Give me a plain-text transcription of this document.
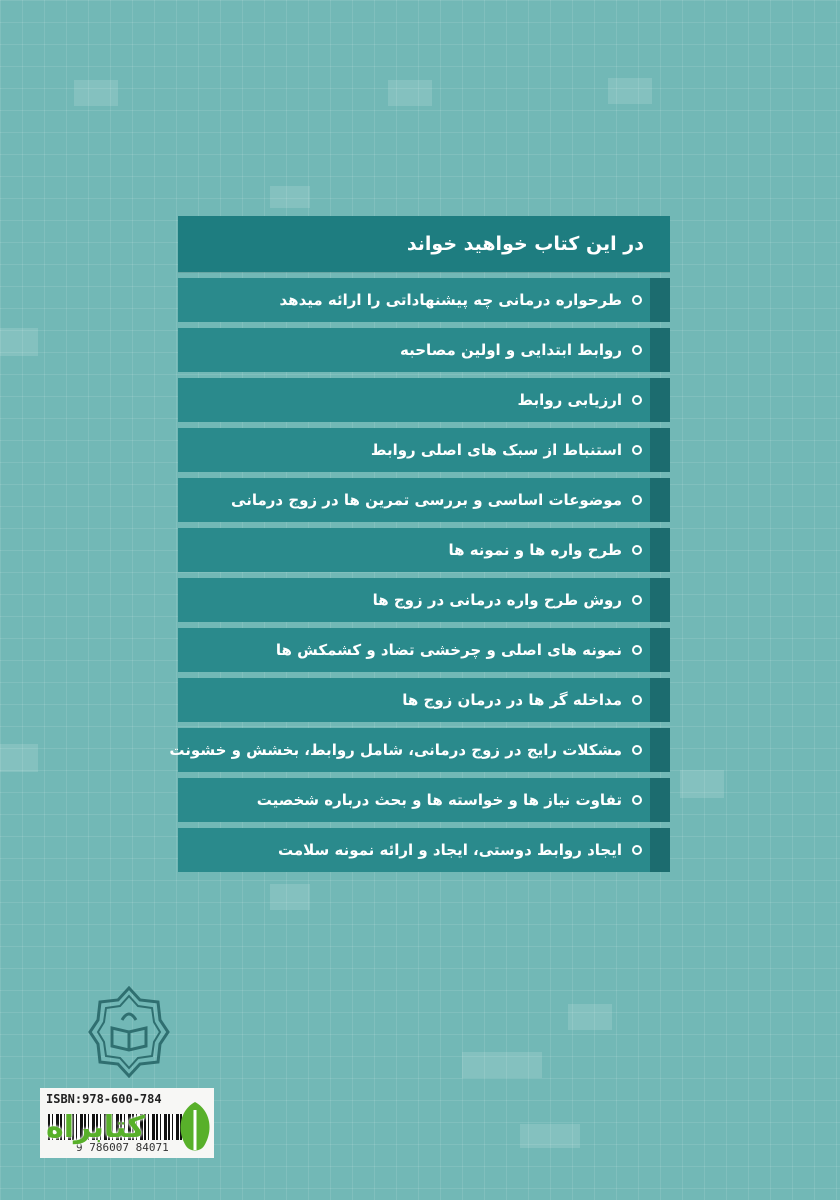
در این کتاب خواهید خواند
طرحواره درمانی چه پیشنهاداتی را ارائه میدهد
روابط ابتدایی و اولین مصاحبه
ارزیابی روابط
استنباط از سبک های اصلی روابط
موضوعات اساسی و بررسی تمرین ها در زوج درمانی
طرح واره ها و نمونه ها
روش طرح واره درمانی در زوج ها
نمونه های اصلی و چرخشی تضاد و کشمکش ها
مداخله گر ها در درمان زوج ها
مشکلات رایج در زوج درمانی، شامل روابط، بخشش و خشونت
تفاوت نیاز ها و خواسته ها و بحث درباره شخصیت
ایجاد روابط دوستی، ایجاد و ارائه نمونه سلامت
ISBN:978-600-784
9 786007 84071
کتابراه
